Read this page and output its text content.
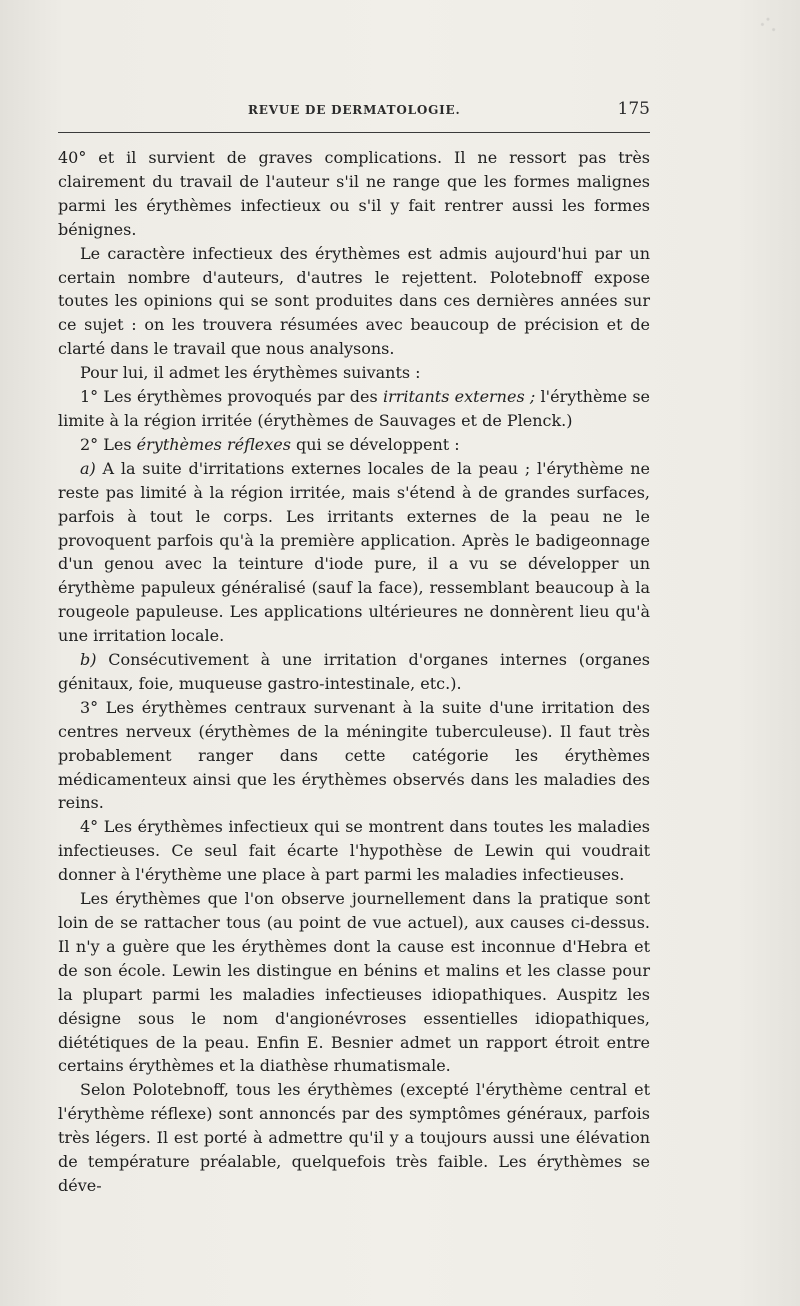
REVUE DE DERMATOLOGIE.	175

40° et il survient de graves complications. Il ne ressort pas très clairement du travail de l'auteur s'il ne range que les formes malignes parmi les érythèmes infectieux ou s'il y fait rentrer aussi les formes bénignes.

Le caractère infectieux des érythèmes est admis aujourd'hui par un certain nombre d'auteurs, d'autres le rejettent. Polotebnoff expose toutes les opinions qui se sont produites dans ces dernières années sur ce sujet : on les trouvera résumées avec beaucoup de précision et de clarté dans le travail que nous analysons.

Pour lui, il admet les érythèmes suivants :

1° Les érythèmes provoqués par des irritants externes ; l'érythème se limite à la région irritée (érythèmes de Sauvages et de Plenck.)

2° Les érythèmes réflexes qui se développent :

a) A la suite d'irritations externes locales de la peau ; l'érythème ne reste pas limité à la région irritée, mais s'étend à de grandes surfaces, parfois à tout le corps. Les irritants externes de la peau ne le provoquent parfois qu'à la première application. Après le badigeonnage d'un genou avec la teinture d'iode pure, il a vu se développer un érythème papuleux généralisé (sauf la face), ressemblant beaucoup à la rougeole papuleuse. Les applications ultérieures ne donnèrent lieu qu'à une irritation locale.

b) Consécutivement à une irritation d'organes internes (organes génitaux, foie, muqueuse gastro-intestinale, etc.).

3° Les érythèmes centraux survenant à la suite d'une irritation des centres nerveux (érythèmes de la méningite tuberculeuse). Il faut très probablement ranger dans cette catégorie les érythèmes médicamenteux ainsi que les érythèmes observés dans les maladies des reins.

4° Les érythèmes infectieux qui se montrent dans toutes les maladies infectieuses. Ce seul fait écarte l'hypothèse de Lewin qui voudrait donner à l'érythème une place à part parmi les maladies infectieuses.

Les érythèmes que l'on observe journellement dans la pratique sont loin de se rattacher tous (au point de vue actuel), aux causes ci-dessus. Il n'y a guère que les érythèmes dont la cause est inconnue d'Hebra et de son école. Lewin les distingue en bénins et malins et les classe pour la plupart parmi les maladies infectieuses idiopathiques. Auspitz les désigne sous le nom d'angionévroses essentielles idiopathiques, diététiques de la peau. Enfin E. Besnier admet un rapport étroit entre certains érythèmes et la diathèse rhumatismale.

Selon Polotebnoff, tous les érythèmes (excepté l'érythème central et l'érythème réflexe) sont annoncés par des symptômes généraux, parfois très légers. Il est porté à admettre qu'il y a toujours aussi une élévation de température préalable, quelquefois très faible. Les érythèmes se déve-
